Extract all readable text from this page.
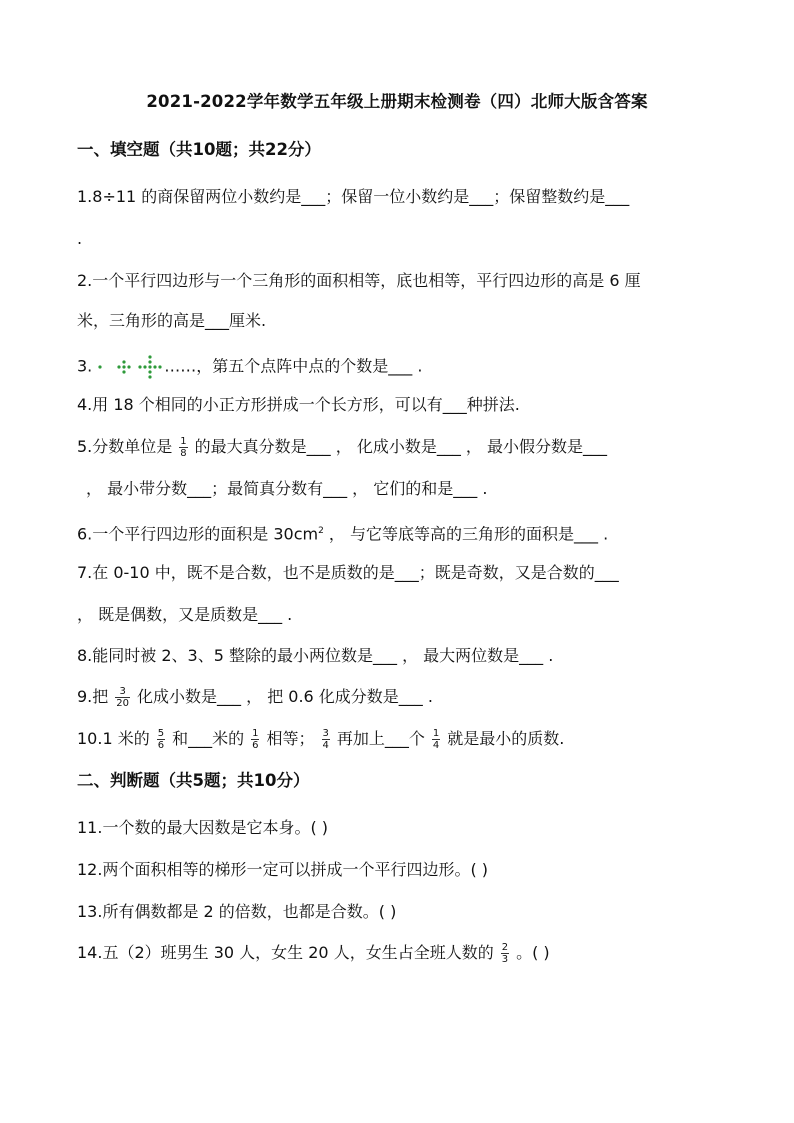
2021-2022学年数学五年级上册期末检测卷（四）北师大版含答案
一、填空题（共10题；共22分）
1.8÷11 的商保留两位小数约是___；保留一位小数约是___；保留整数约是___
.
2.一个平行四边形与一个三角形的面积相等，底也相等，平行四边形的高是 6 厘
米，三角形的高是___厘米.
3.	……，第五个点阵中点的个数是___ .
4.用 18 个相同的小正方形拼成一个长方形，可以有___种拼法.
5.分数单位是 $\frac{1}{8}$ 的最大真分数是___ ， 化成小数是___ ， 最小假分数是___
， 最小带分数___；最简真分数有___ ， 它们的和是___ .
6.一个平行四边形的面积是 $30cm^2$ ， 与它等底等高的三角形的面积是___ .
7.在 0-10 中，既不是合数，也不是质数的是___；既是奇数，又是合数的___
， 既是偶数，又是质数是___ .
8.能同时被 2、3、5 整除的最小两位数是___ ， 最大两位数是___ .
9.把 $\frac{3}{20}$ 化成小数是___ ， 把 0.6 化成分数是___ .
10.1 米的 $\frac{5}{6}$ 和___米的 $\frac{1}{6}$ 相等； $\frac{3}{4}$ 再加上___个 $\frac{1}{4}$ 就是最小的质数.
二、判断题（共5题；共10分）
11.一个数的最大因数是它本身。( )
12.两个面积相等的梯形一定可以拼成一个平行四边形。( )
13.所有偶数都是 2 的倍数，也都是合数。( )
14.五（2）班男生 30 人，女生 20 人，女生占全班人数的 $\frac{2}{3}$ 。( )
